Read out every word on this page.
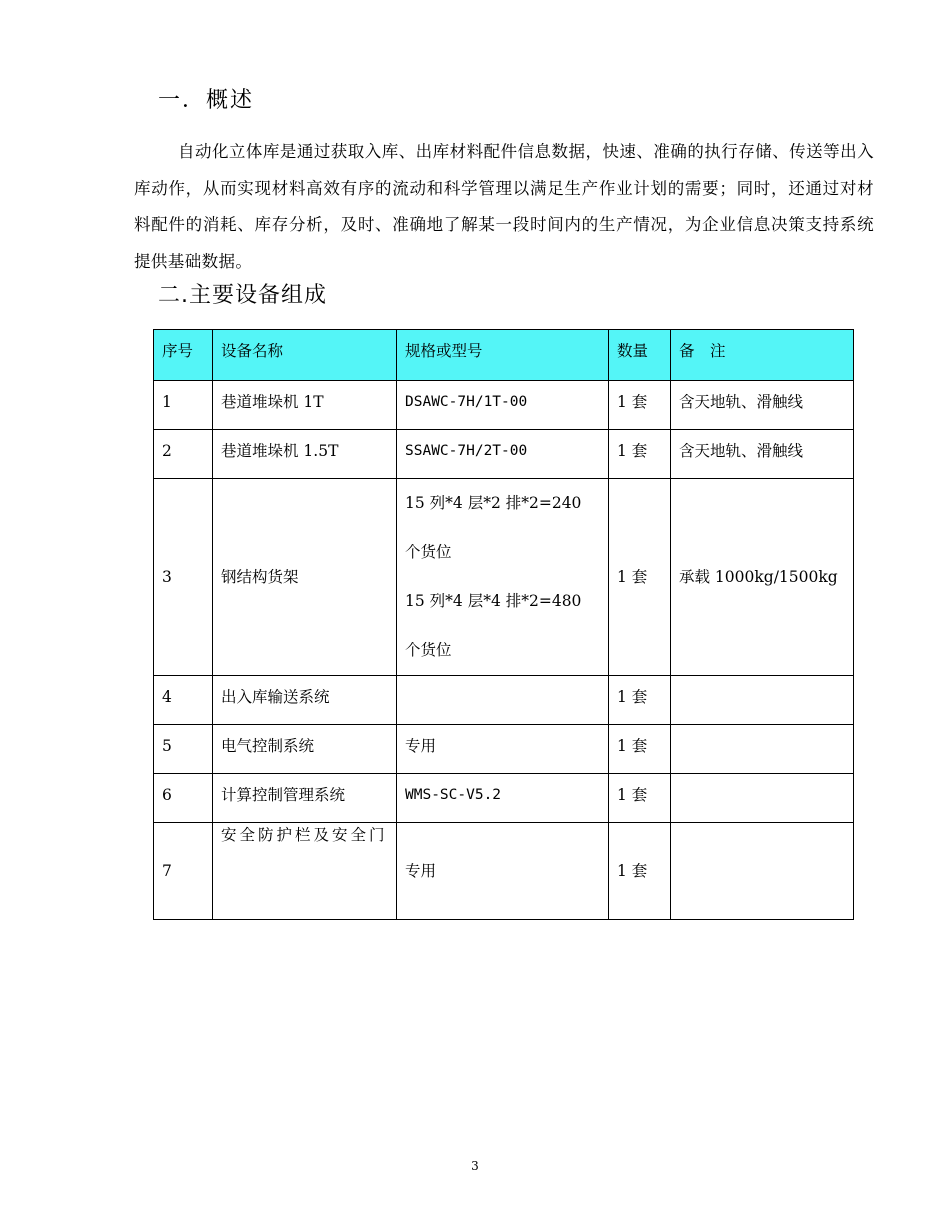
一．概述

自动化立体库是通过获取入库、出库材料配件信息数据，快速、准确的执行存储、传送等出入库动作，从而实现材料高效有序的流动和科学管理以满足生产作业计划的需要；同时，还通过对材料配件的消耗、库存分析，及时、准确地了解某一段时间内的生产情况，为企业信息决策支持系统提供基础数据。

二.主要设备组成
序号	设备名称	规格或型号	数量	备　注
1	巷道堆垛机 1T	DSAWC-7H/1T-00	1 套	含天地轨、滑触线
2	巷道堆垛机 1.5T	SSAWC-7H/2T-00	1 套	含天地轨、滑触线
3	钢结构货架	15 列*4 层*2 排*2=240
个货位
15 列*4 层*4 排*2=480
个货位	1 套	承载 1000kg/1500kg
4	出入库输送系统		1 套	
5	电气控制系统	专用	1 套	
6	计算控制管理系统	WMS-SC-V5.2	1 套	
7	安全防护栏及安全门	专用	1 套	
3
